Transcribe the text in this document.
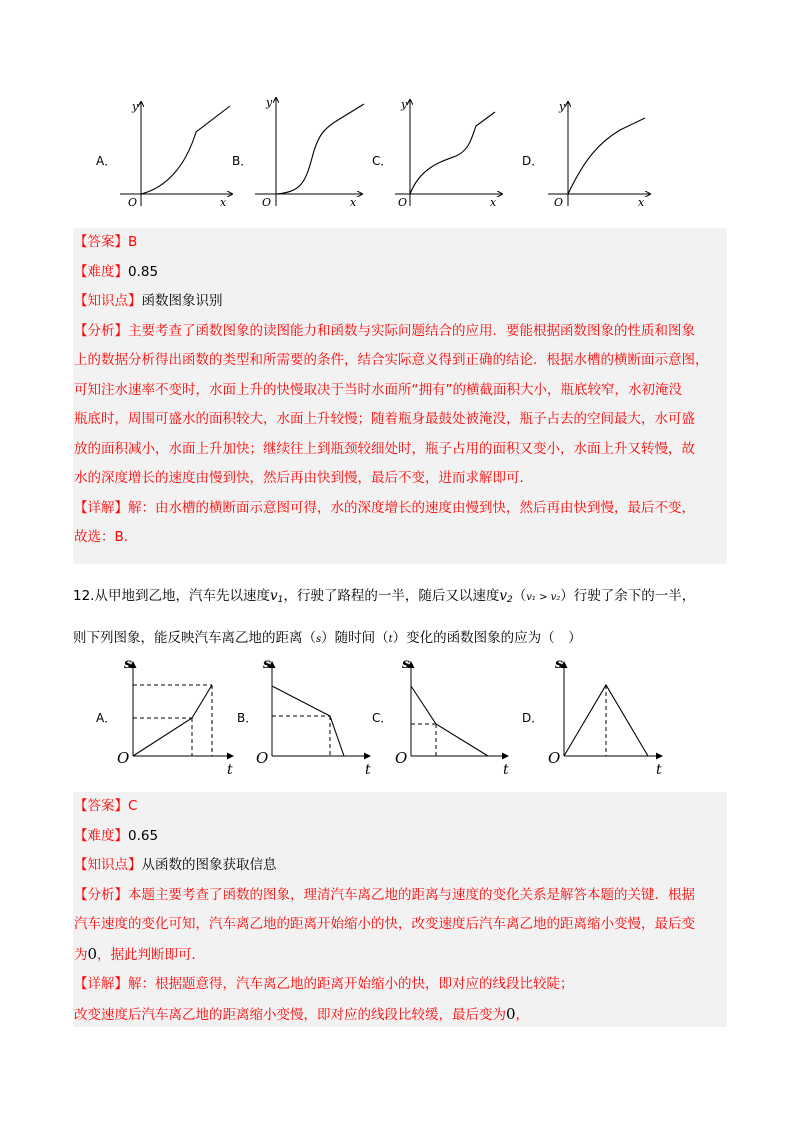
A．
y
x
O
B．
y
x
O
C．
y
x
O
D．
y
x
O
【答案】B
【难度】0.85
【知识点】函数图象识别
【分析】主要考查了函数图象的读图能力和函数与实际问题结合的应用．要能根据函数图象的性质和图象
上的数据分析得出函数的类型和所需要的条件，结合实际意义得到正确的结论．根据水槽的横断面示意图，
可知注水速率不变时，水面上升的快慢取决于当时水面所“拥有”的横截面积大小，瓶底较窄，水初淹没
瓶底时，周围可盛水的面积较大，水面上升较慢；随着瓶身最鼓处被淹没，瓶子占去的空间最大，水可盛
放的面积减小，水面上升加快；继续往上到瓶颈较细处时，瓶子占用的面积又变小，水面上升又转慢，故
水的深度增长的速度由慢到快，然后再由快到慢，最后不变，进而求解即可．
【详解】解：由水槽的横断面示意图可得，水的深度增长的速度由慢到快，然后再由快到慢，最后不变，
故选：B．
12.从甲地到乙地，汽车先以速度$v_1$，行驶了路程的一半，随后又以速度$v_2(v_1 > v_2)$行驶了余下的一半，
则下列图象，能反映汽车离乙地的距离（s）随时间（t）变化的函数图象的应为（　）
A．
s
t
O
B．
s
t
O
C．
s
t
O
D．
s
t
O
【答案】C
【难度】0.65
【知识点】从函数的图象获取信息
【分析】本题主要考查了函数的图象，理清汽车离乙地的距离与速度的变化关系是解答本题的关键．根据
汽车速度的变化可知，汽车离乙地的距离开始缩小的快，改变速度后汽车离乙地的距离缩小变慢，最后变
为0，据此判断即可．
【详解】解：根据题意得，汽车离乙地的距离开始缩小的快，即对应的线段比较陡；
改变速度后汽车离乙地的距离缩小变慢，即对应的线段比较缓，最后变为0，
